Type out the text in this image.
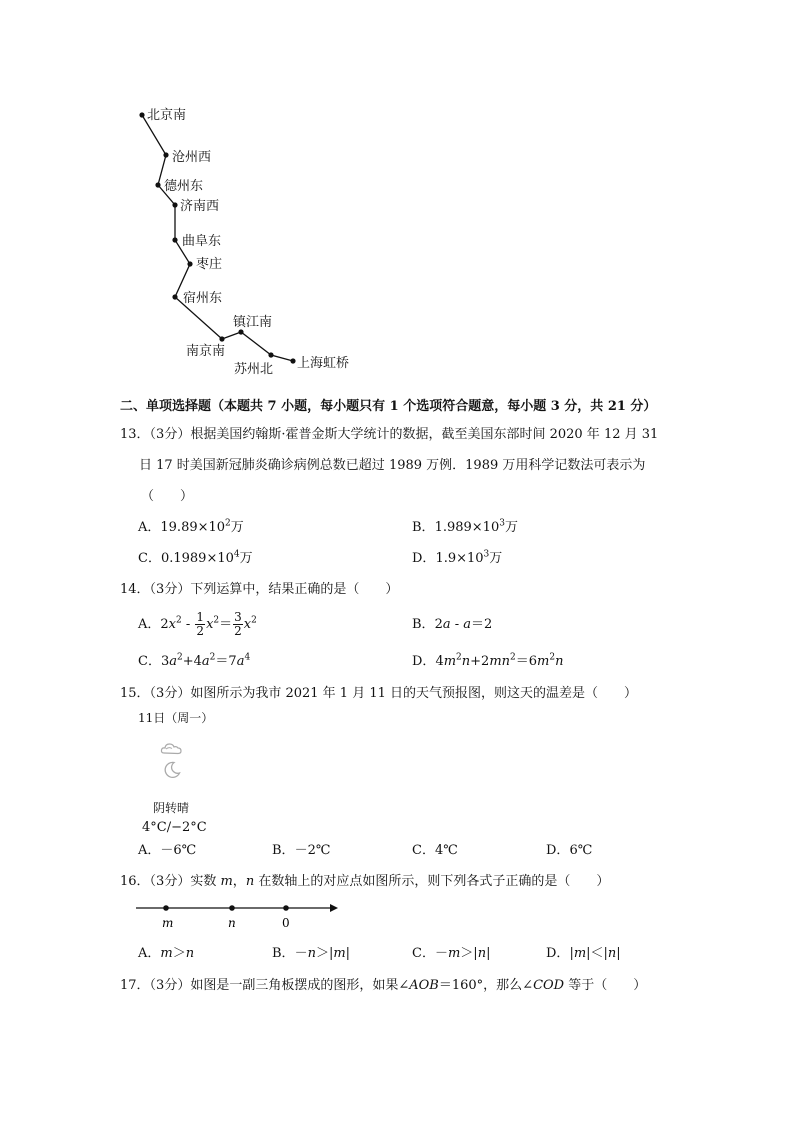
北京南
沧州西
德州东
济南西
曲阜东
枣庄
宿州东
南京南
镇江南
苏州北 上海虹桥
二、单项选择题（本题共 7 小题，每小题只有 1 个选项符合题意，每小题 3 分，共 21 分）
13．（3分）根据美国约翰斯·霍普金斯大学统计的数据，截至美国东部时间 2020 年 12 月 31
日 17 时美国新冠肺炎确诊病例总数已超过 1989 万例．1989 万用科学记数法可表示为
（　　）
A．$19.89\times 10^2$万	B．$1.989\times 10^3$万
C．$0.1989\times 10^4$万	D．$1.9\times 10^3$万
14．（3分）下列运算中，结果正确的是（　　）
A．$2x^2 - \frac{1}{2} x^2= \frac{3}{2} x^2$	B．2a - a＝2
C．$3a^2+4a^2=7a^4$	D．$4m^2n+2mn^2=6m^2n$
15．（3分）如图所示为我市 2021 年 1 月 11 日的天气预报图，则这天的温差是（　　）
11日（周一）
阴转晴
4°C/−2°C
A．－6℃	B．－2℃	C．4℃	D．6℃
16．（3分）实数 m，n 在数轴上的对应点如图所示，则下列各式子正确的是（　　）
m	n	0
A．m＞n	B．－n＞|m|	C．－m＞|n|	D．|m|＜|n|
17．（3分）如图是一副三角板摆成的图形，如果∠AOB＝160°，那么∠COD 等于（　　）
